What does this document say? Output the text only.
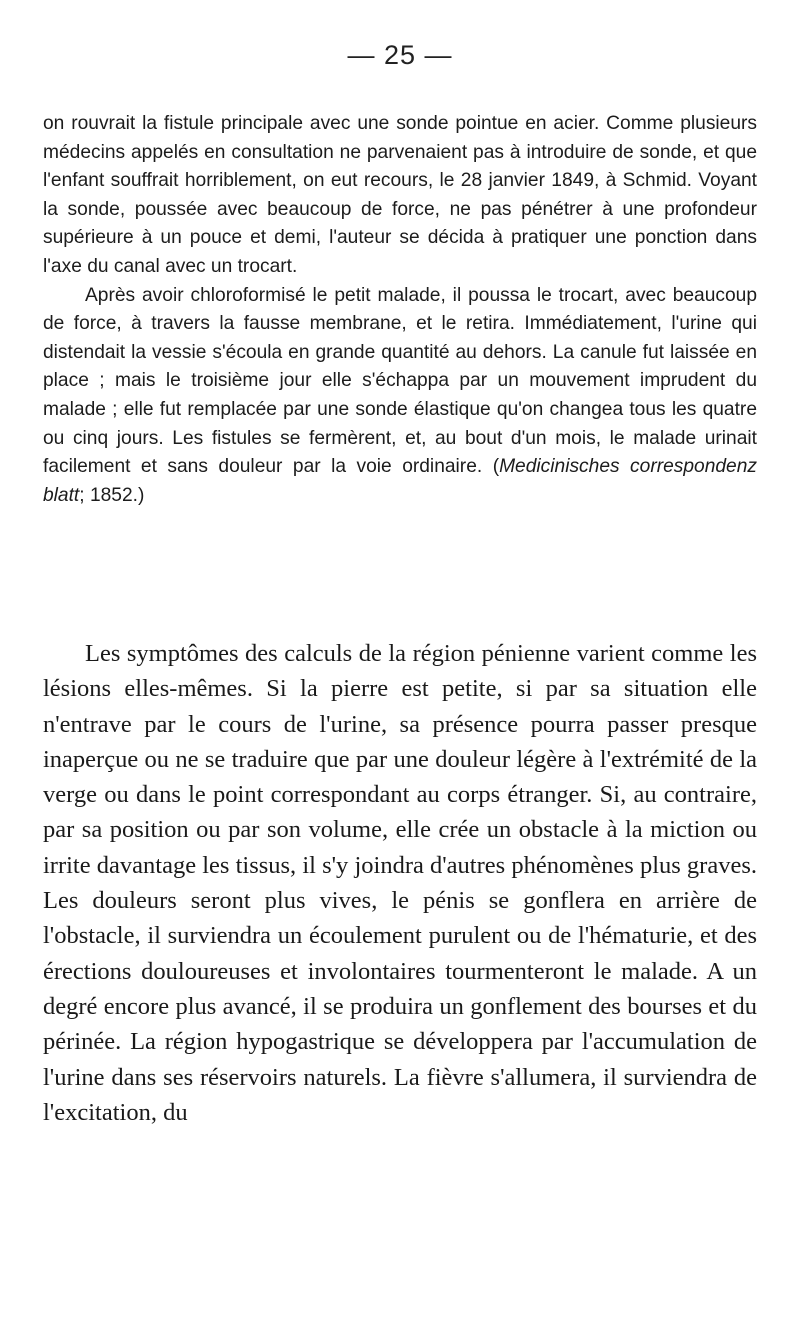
— 25 —

on rouvrait la fistule principale avec une sonde pointue en acier. Comme plusieurs médecins appelés en consultation ne parvenaient pas à introduire de sonde, et que l'enfant souffrait horriblement, on eut recours, le 28 janvier 1849, à Schmid. Voyant la sonde, poussée avec beaucoup de force, ne pas pénétrer à une profondeur supérieure à un pouce et demi, l'auteur se décida à pratiquer une ponction dans l'axe du canal avec un trocart.

Après avoir chloroformisé le petit malade, il poussa le trocart, avec beaucoup de force, à travers la fausse membrane, et le retira. Immédiatement, l'urine qui distendait la vessie s'écoula en grande quantité au dehors. La canule fut laissée en place ; mais le troisième jour elle s'échappa par un mouvement imprudent du malade ; elle fut remplacée par une sonde élastique qu'on changea tous les quatre ou cinq jours. Les fistules se fermèrent, et, au bout d'un mois, le malade urinait facilement et sans douleur par la voie ordinaire. (Medicinisches correspondenz blatt; 1852.)

Les symptômes des calculs de la région pénienne varient comme les lésions elles-mêmes. Si la pierre est petite, si par sa situation elle n'entrave par le cours de l'urine, sa présence pourra passer presque inaperçue ou ne se traduire que par une douleur légère à l'extrémité de la verge ou dans le point correspondant au corps étranger. Si, au contraire, par sa position ou par son volume, elle crée un obstacle à la miction ou irrite davantage les tissus, il s'y joindra d'autres phénomènes plus graves. Les douleurs seront plus vives, le pénis se gonflera en arrière de l'obstacle, il surviendra un écoulement purulent ou de l'hématurie, et des érections douloureuses et involontaires tourmenteront le malade. A un degré encore plus avancé, il se produira un gonflement des bourses et du périnée. La région hypogastrique se développera par l'accumulation de l'urine dans ses réservoirs naturels. La fièvre s'allumera, il surviendra de l'excitation, du
